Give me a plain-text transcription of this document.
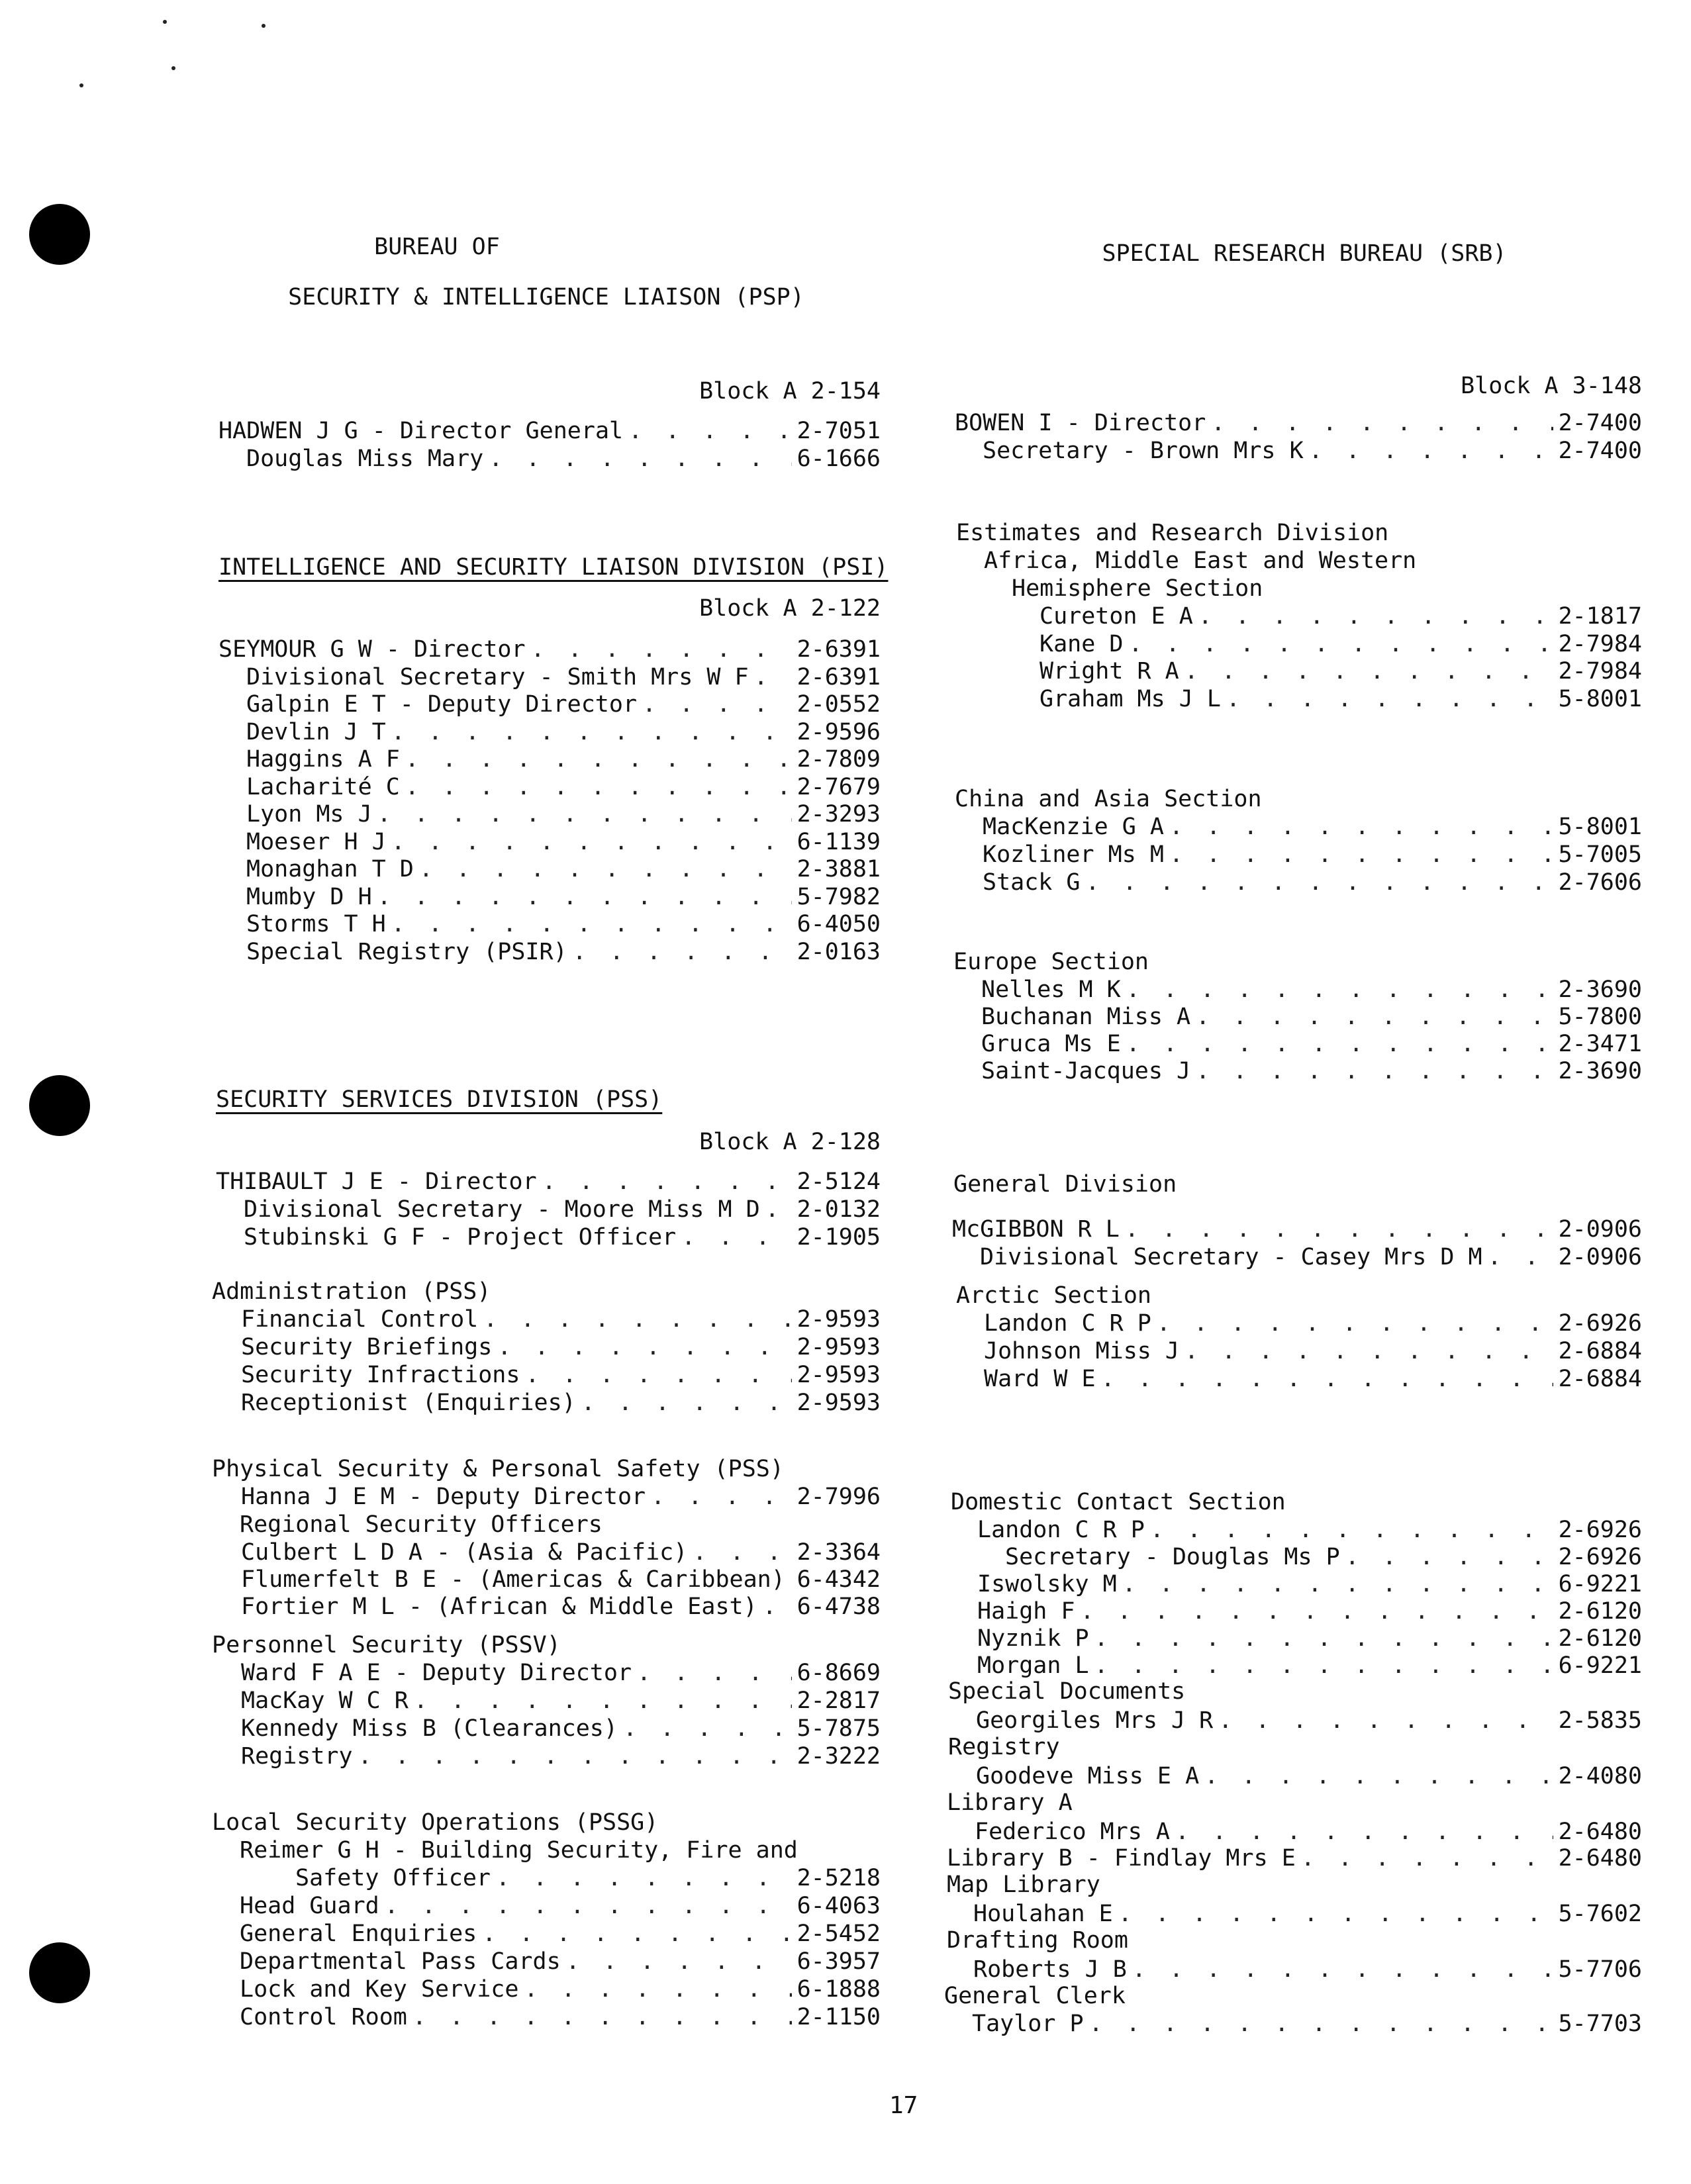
BUREAU OF
SECURITY & INTELLIGENCE LIAISON (PSP)
Block A 2-154
HADWEN J G - Director General . . .	2-7051
Douglas Miss Mary . . .	6-1666
INTELLIGENCE AND SECURITY LIAISON DIVISION (PSI)
Block A 2-122
SEYMOUR G W - Director . . .	2-6391
Divisional Secretary - Smith Mrs W F . . . 2-6391
Galpin E T - Deputy Director . . .	2-0552
Devlin J T . . .	2-9596
Haggins A F . . .	2-7809
Lacharité C . . .	2-7679
Lyon Ms J . . .	2-3293
Moeser H J . . .	6-1139
Monaghan T D . . .	2-3881
Mumby D H . . .	5-7982
Storms T H . . .	6-4050
Special Registry (PSIR) . . .	2-0163
SECURITY SERVICES DIVISION (PSS)
Block A 2-128
THIBAULT J E - Director . . .	2-5124
Divisional Secretary - Moore Miss M D . . . 2-0132
Stubinski G F - Project Officer . . .	2-1905
Administration (PSS)
Financial Control . . .	2-9593
Security Briefings . . .	2-9593
Security Infractions . . .	2-9593
Receptionist (Enquiries) . . .	2-9593
Physical Security & Personal Safety (PSS)
Hanna J E M - Deputy Director . . .	2-7996
Regional Security Officers
Culbert L D A - (Asia & Pacific) . . .	2-3364
Flumerfelt B E - (Americas & Caribbean) . . . 6-4342
Fortier M L - (African & Middle East) . . . 6-4738
Personnel Security (PSSV)
Ward F A E - Deputy Director . . .	6-8669
MacKay W C R . . .	2-2817
Kennedy Miss B (Clearances) . . .	5-7875
Registry . . .	2-3222
Local Security Operations (PSSG)
Reimer G H - Building Security, Fire and
Safety Officer . . .	2-5218
Head Guard . . .	6-4063
General Enquiries . . .	2-5452
Departmental Pass Cards . . .	6-3957
Lock and Key Service . . .	6-1888
Control Room . . .	2-1150
SPECIAL RESEARCH BUREAU (SRB)
Block A 3-148
BOWEN I - Director . . .	2-7400
Secretary - Brown Mrs K . . .	2-7400
Estimates and Research Division
Africa, Middle East and Western
Hemisphere Section
Cureton E A . . .	2-1817
Kane D . . .	2-7984
Wright R A . . .	2-7984
Graham Ms J L . . .	5-8001
China and Asia Section
MacKenzie G A . . .	5-8001
Kozliner Ms M . . .	5-7005
Stack G . . .	2-7606
Europe Section
Nelles M K . . .	2-3690
Buchanan Miss A . . .	5-7800
Gruca Ms E . . .	2-3471
Saint-Jacques J . . .	2-3690
General Division
McGIBBON R L . . .	2-0906
Divisional Secretary - Casey Mrs D M . . .	2-0906
Arctic Section
Landon C R P . . .	2-6926
Johnson Miss J . . .	2-6884
Ward W E . . .	2-6884
Domestic Contact Section
Landon C R P . . .	2-6926
Secretary - Douglas Ms P . . .	2-6926
Iswolsky M . . .	6-9221
Haigh F . . .	2-6120
Nyznik P . . .	2-6120
Morgan L . . .	6-9221
Special Documents
Georgiles Mrs J R . . .	2-5835
Registry
Goodeve Miss E A . . .	2-4080
Library A
Federico Mrs A . . .	2-6480
Library B - Findlay Mrs E . . .	2-6480
Map Library
Houlahan E . . .	5-7602
Drafting Room
Roberts J B . . .	5-7706
General Clerk
Taylor P . . .	5-7703
17
